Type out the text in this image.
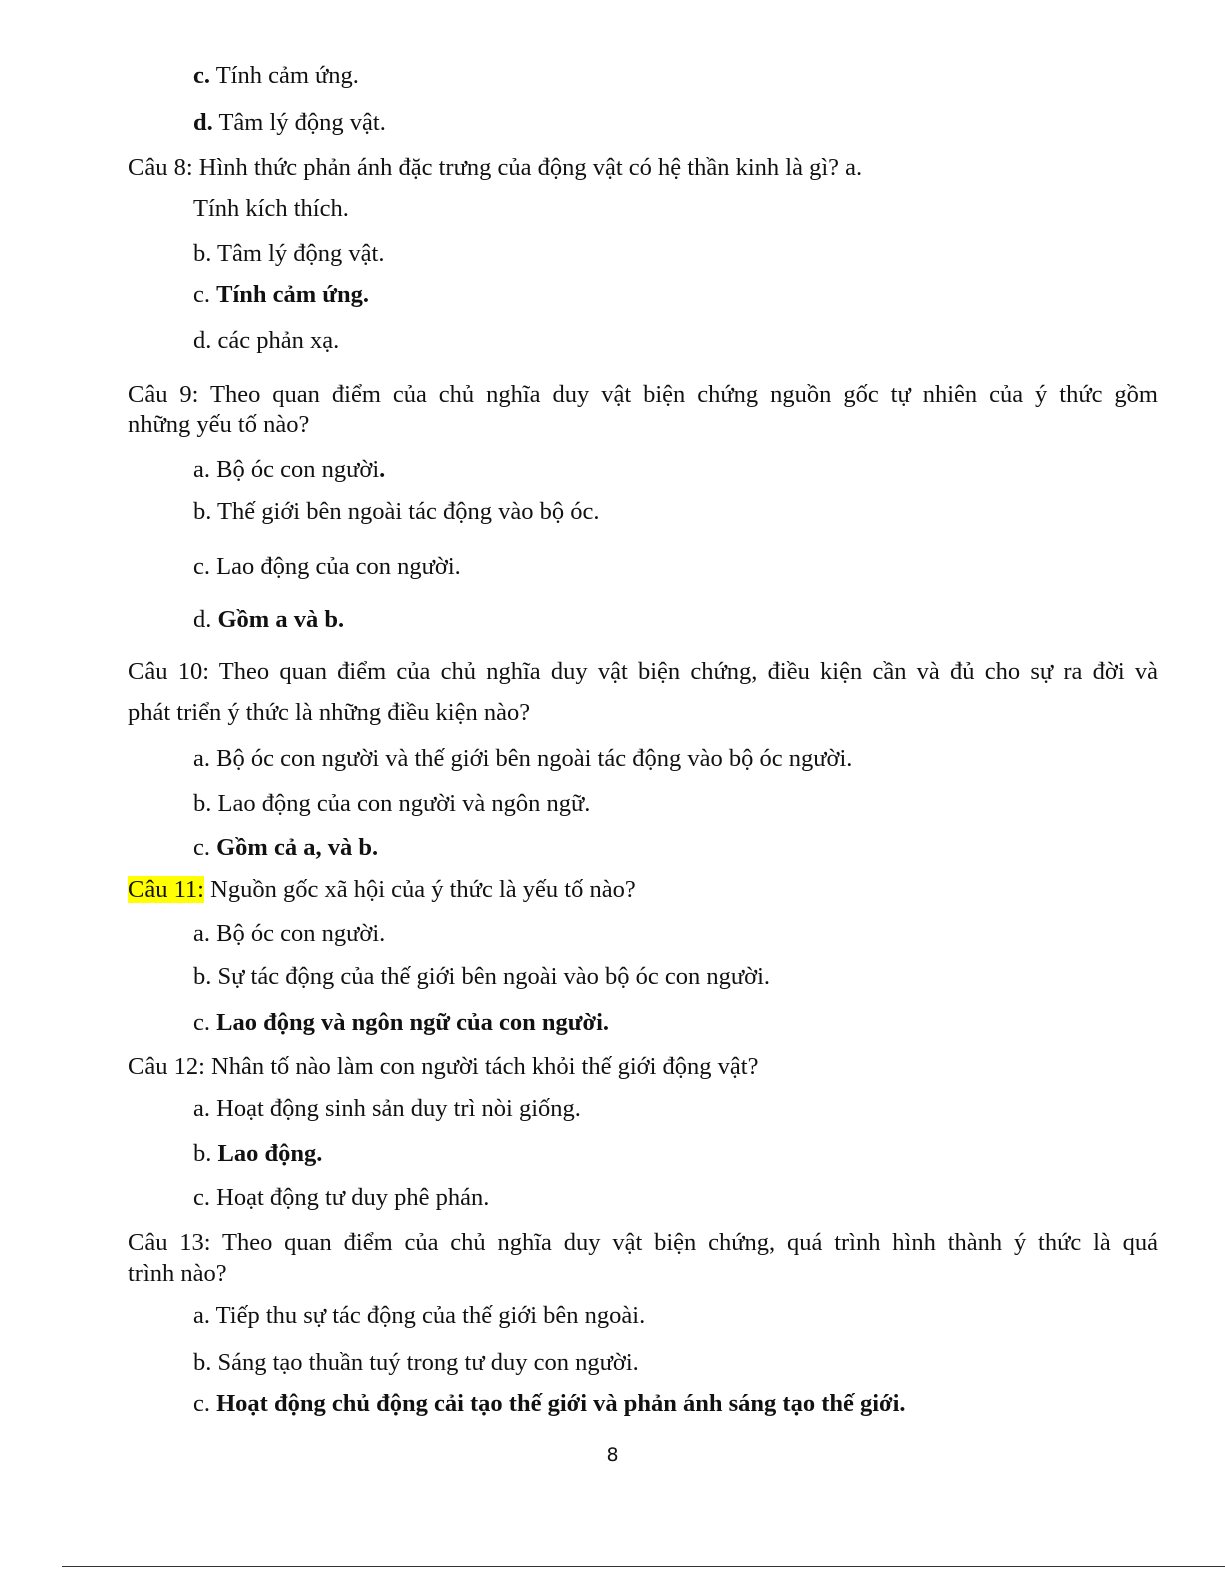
c. Tính cảm ứng.
d. Tâm lý động vật.
Câu 8: Hình thức phản ánh đặc trưng của động vật có hệ thần kinh là gì? a.
Tính kích thích.
b. Tâm lý động vật.
c. Tính cảm ứng.
d. các phản xạ.
Câu 9: Theo quan điểm của chủ nghĩa duy vật biện chứng nguồn gốc tự nhiên của ý thức gồm
những yếu tố nào?
a. Bộ óc con người.
b. Thế giới bên ngoài tác động vào bộ óc.
c. Lao động của con người.
d. Gồm a và b.
Câu 10: Theo quan điểm của chủ nghĩa duy vật biện chứng, điều kiện cần và đủ cho sự ra đời và
phát triển ý thức là những điều kiện nào?
a. Bộ óc con người và thế giới bên ngoài tác động vào bộ óc người.
b. Lao động của con người và ngôn ngữ.
c. Gồm cả a, và b.
Câu 11: Nguồn gốc xã hội của ý thức là yếu tố nào?
a. Bộ óc con người.
b. Sự tác động của thế giới bên ngoài vào bộ óc con người.
c. Lao động và ngôn ngữ của con người.
Câu 12: Nhân tố nào làm con người tách khỏi thế giới động vật?
a. Hoạt động sinh sản duy trì nòi giống.
b. Lao động.
c. Hoạt động tư duy phê phán.
Câu 13: Theo quan điểm của chủ nghĩa duy vật biện chứng, quá trình hình thành ý thức là quá
trình nào?
a. Tiếp thu sự tác động của thế giới bên ngoài.
b. Sáng tạo thuần tuý trong tư duy con người.
c. Hoạt động chủ động cải tạo thế giới và phản ánh sáng tạo thế giới.
8
